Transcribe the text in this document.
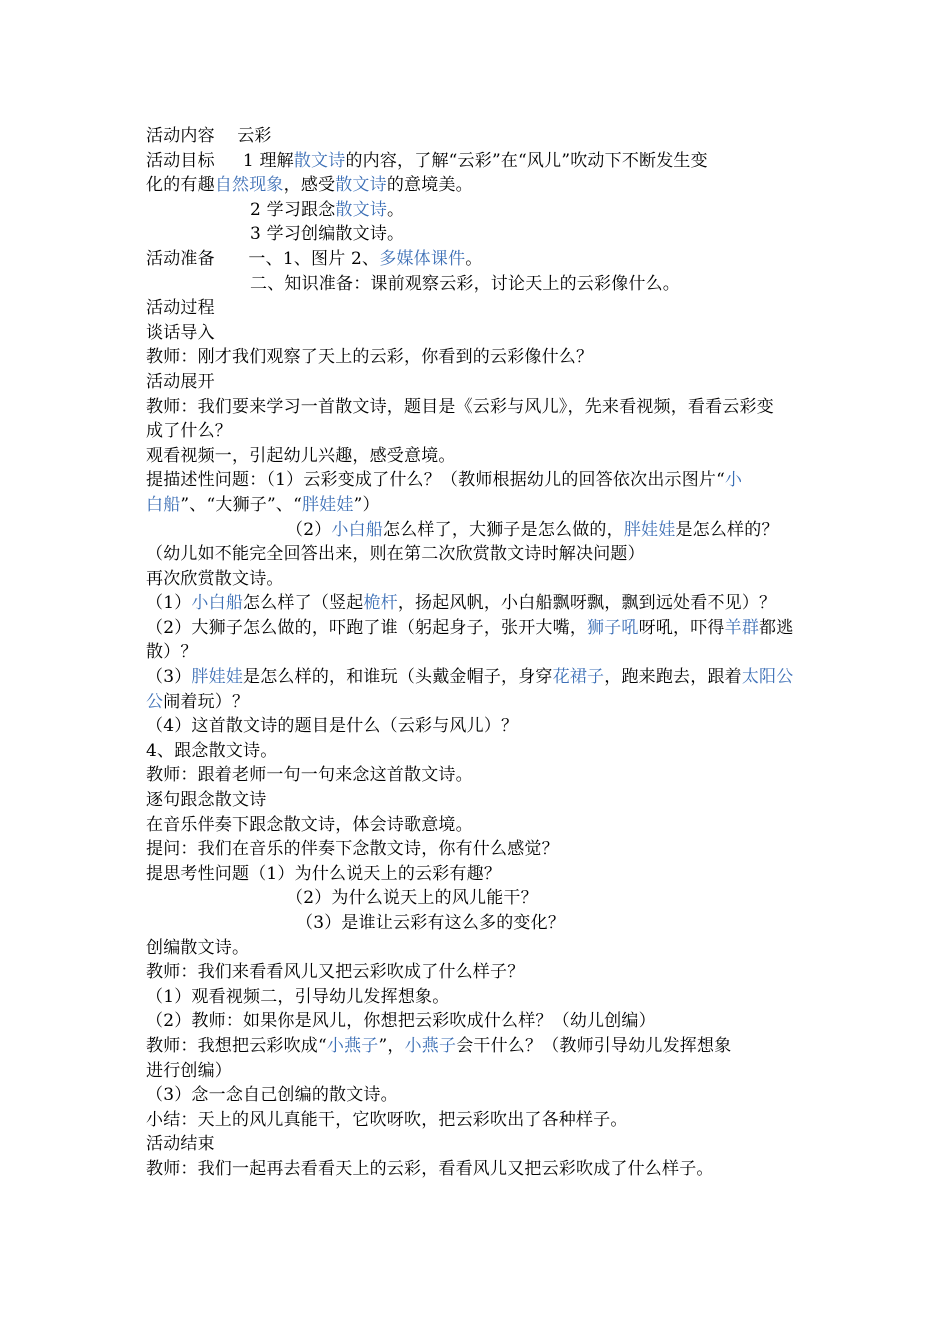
活动内容    云彩
活动目标     1 理解散文诗的内容，了解“云彩”在“风儿”吹动下不断发生变
化的有趣自然现象，感受散文诗的意境美。
2 学习跟念散文诗。
3 学习创编散文诗。
活动准备      一、1、图片 2、多媒体课件。
二、知识准备：课前观察云彩，讨论天上的云彩像什么。
活动过程
谈话导入
教师：刚才我们观察了天上的云彩，你看到的云彩像什么？
活动展开
教师：我们要来学习一首散文诗，题目是《云彩与风儿》，先来看视频，看看云彩变
成了什么？
观看视频一，引起幼儿兴趣，感受意境。
提描述性问题：（1）云彩变成了什么？（教师根据幼儿的回答依次出示图片“小
白船”、“大狮子”、“胖娃娃”）
（2）小白船怎么样了，大狮子是怎么做的，胖娃娃是怎么样的？
（幼儿如不能完全回答出来，则在第二次欣赏散文诗时解决问题）
再次欣赏散文诗。
（1）小白船怎么样了（竖起桅杆，扬起风帆，小白船飘呀飘，飘到远处看不见）？
（2）大狮子怎么做的，吓跑了谁（躬起身子，张开大嘴，狮子吼呀吼，吓得羊群都逃
散）？
（3）胖娃娃是怎么样的，和谁玩（头戴金帽子，身穿花裙子，跑来跑去，跟着太阳公
公闹着玩）？
（4）这首散文诗的题目是什么（云彩与风儿）？
4、跟念散文诗。
教师：跟着老师一句一句来念这首散文诗。
逐句跟念散文诗
在音乐伴奏下跟念散文诗，体会诗歌意境。
提问：我们在音乐的伴奏下念散文诗，你有什么感觉？
提思考性问题（1）为什么说天上的云彩有趣？
（2）为什么说天上的风儿能干？
（3）是谁让云彩有这么多的变化？
创编散文诗。
教师：我们来看看风儿又把云彩吹成了什么样子？
（1）观看视频二，引导幼儿发挥想象。
（2）教师：如果你是风儿，你想把云彩吹成什么样？（幼儿创编）
教师：我想把云彩吹成“小燕子”，小燕子会干什么？（教师引导幼儿发挥想象
进行创编）
（3）念一念自己创编的散文诗。
小结：天上的风儿真能干，它吹呀吹，把云彩吹出了各种样子。
活动结束
教师：我们一起再去看看天上的云彩，看看风儿又把云彩吹成了什么样子。
